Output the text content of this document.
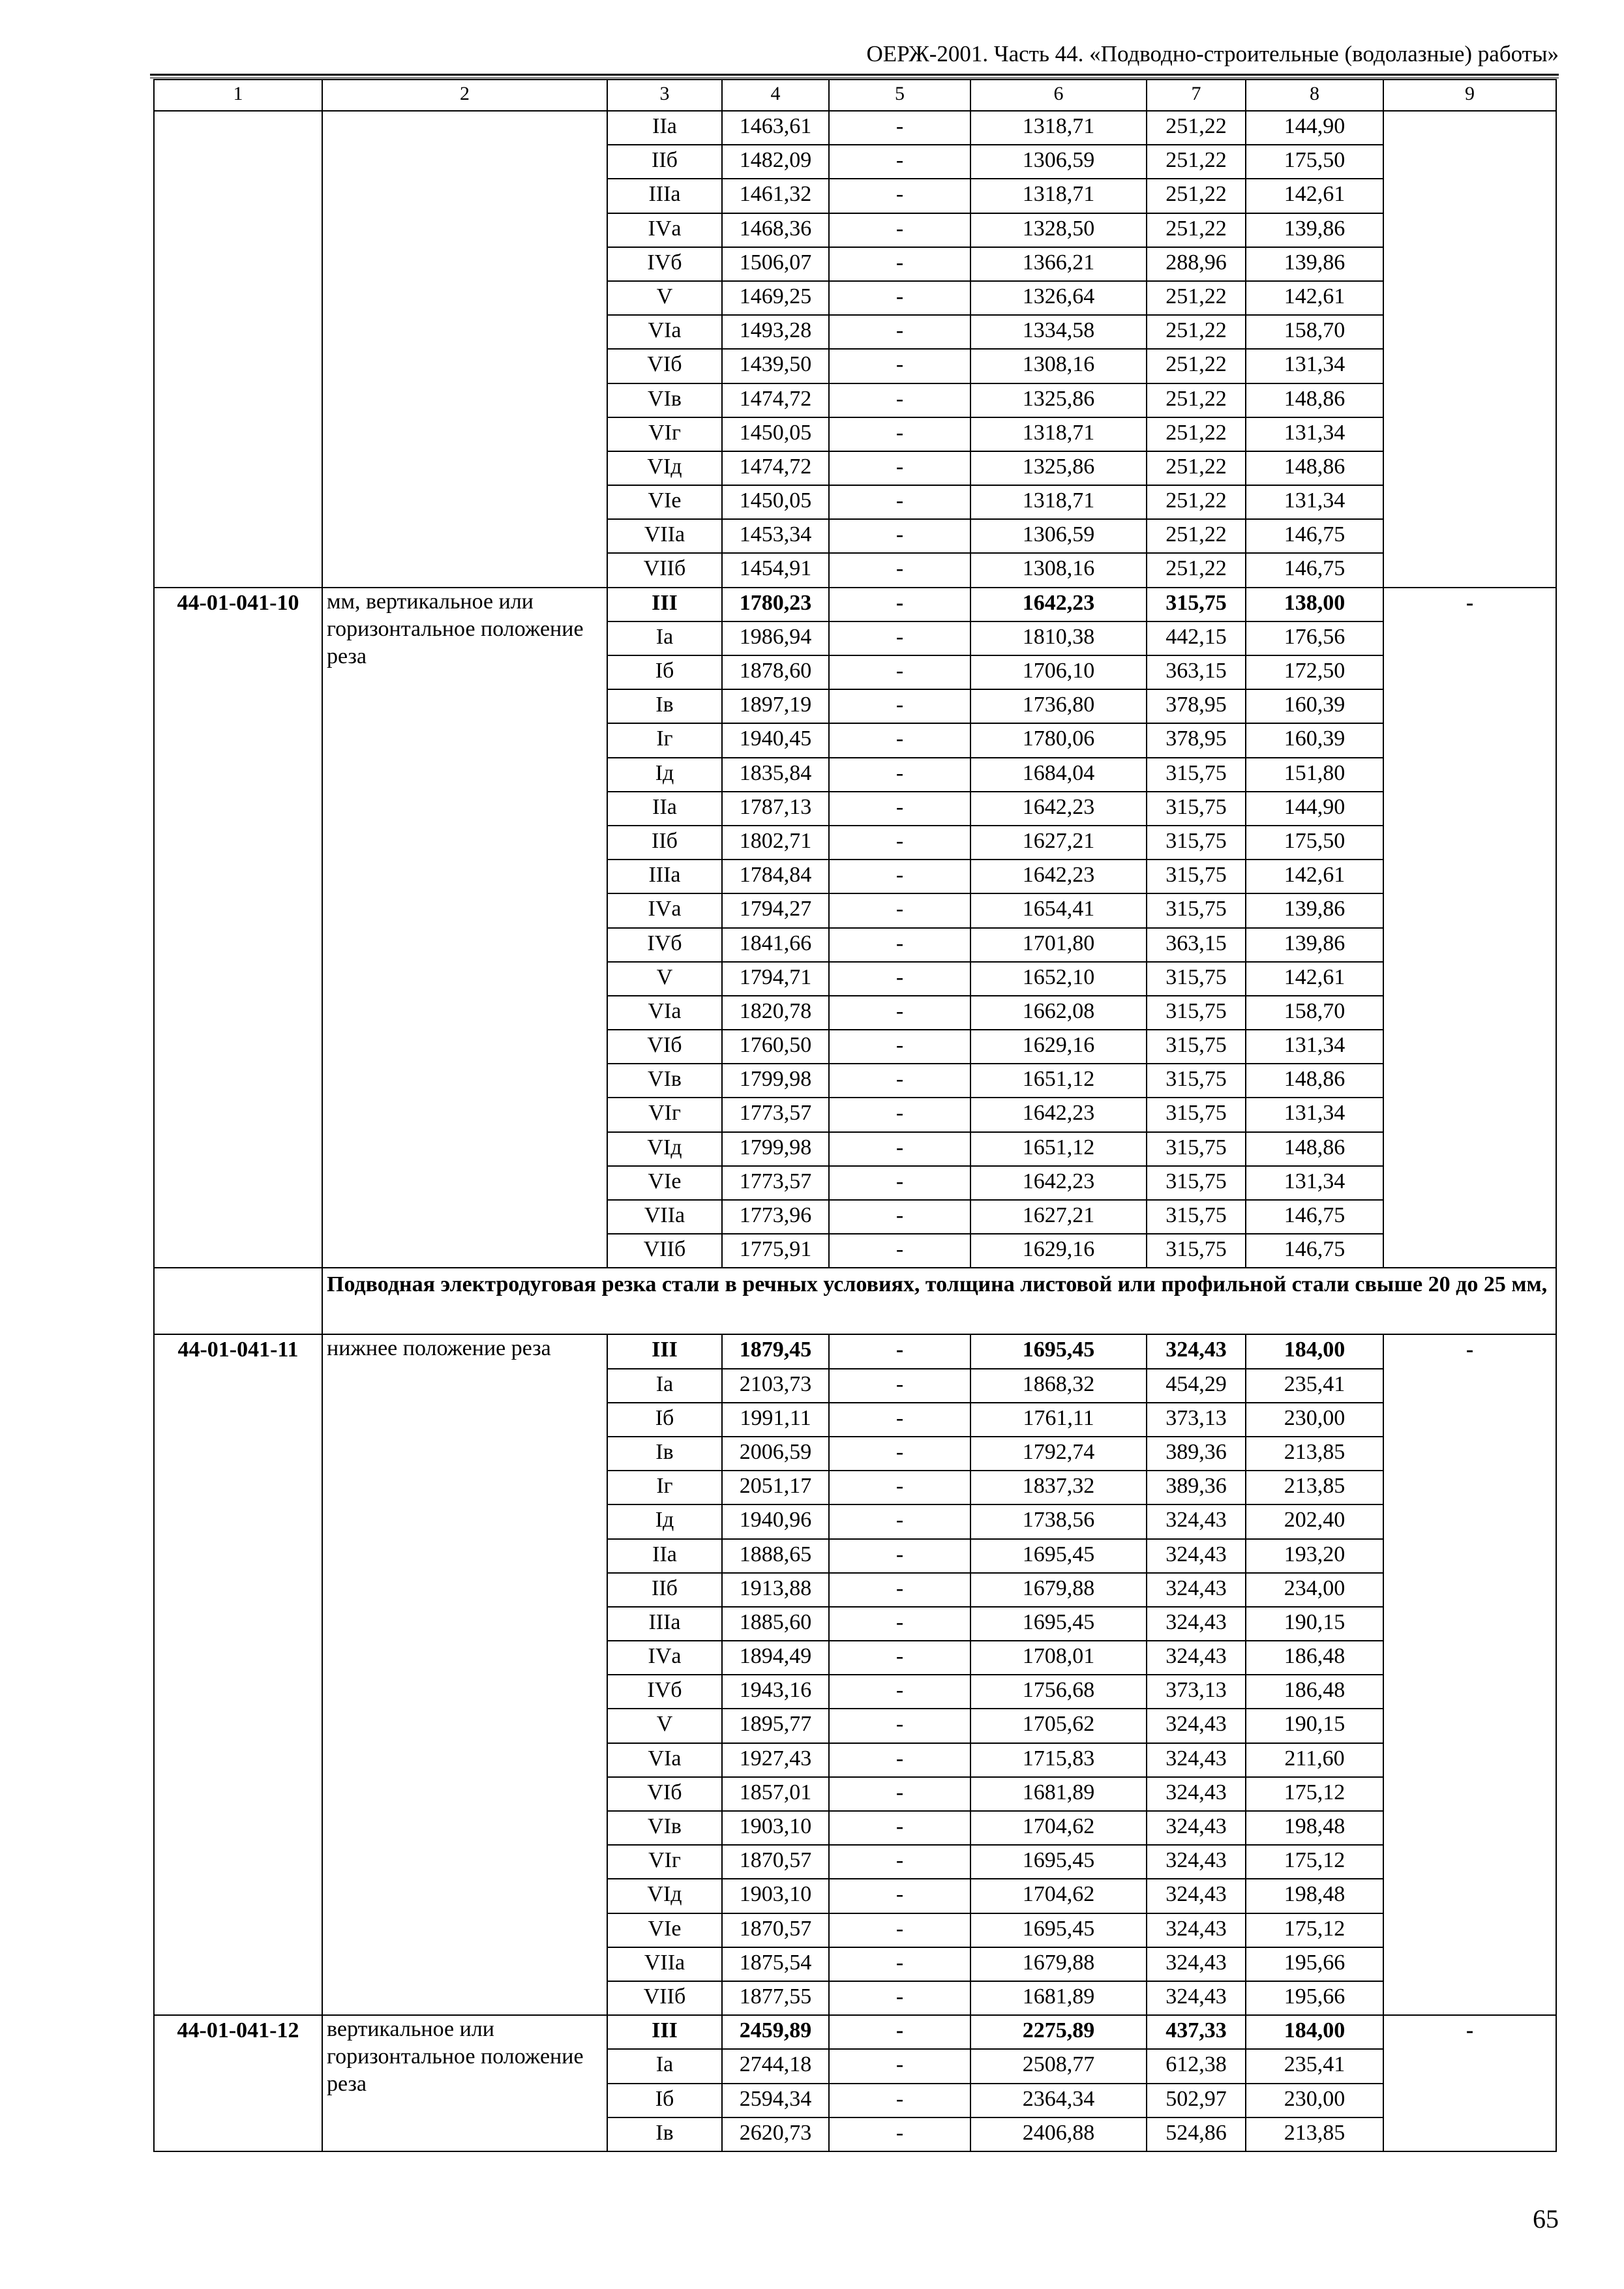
ОЕРЖ-2001. Часть 44. «Подводно-строительные (водолазные) работы»
1	2	3	4	5	6	7	8	9
		IIа	1463,61	-	1318,71	251,22	144,90	
		IIб	1482,09	-	1306,59	251,22	175,50	
		IIIа	1461,32	-	1318,71	251,22	142,61	
		IVа	1468,36	-	1328,50	251,22	139,86	
		IVб	1506,07	-	1366,21	288,96	139,86	
		V	1469,25	-	1326,64	251,22	142,61	
		VIа	1493,28	-	1334,58	251,22	158,70	
		VIб	1439,50	-	1308,16	251,22	131,34	
		VIв	1474,72	-	1325,86	251,22	148,86	
		VIг	1450,05	-	1318,71	251,22	131,34	
		VIд	1474,72	-	1325,86	251,22	148,86	
		VIе	1450,05	-	1318,71	251,22	131,34	
		VIIа	1453,34	-	1306,59	251,22	146,75	
		VIIб	1454,91	-	1308,16	251,22	146,75	
44-01-041-10	мм, вертикальное или горизонтальное положение реза	III	1780,23	-	1642,23	315,75	138,00	-
		Iа	1986,94	-	1810,38	442,15	176,56	
		Iб	1878,60	-	1706,10	363,15	172,50	
		Iв	1897,19	-	1736,80	378,95	160,39	
		Iг	1940,45	-	1780,06	378,95	160,39	
		Iд	1835,84	-	1684,04	315,75	151,80	
		IIа	1787,13	-	1642,23	315,75	144,90	
		IIб	1802,71	-	1627,21	315,75	175,50	
		IIIа	1784,84	-	1642,23	315,75	142,61	
		IVа	1794,27	-	1654,41	315,75	139,86	
		IVб	1841,66	-	1701,80	363,15	139,86	
		V	1794,71	-	1652,10	315,75	142,61	
		VIа	1820,78	-	1662,08	315,75	158,70	
		VIб	1760,50	-	1629,16	315,75	131,34	
		VIв	1799,98	-	1651,12	315,75	148,86	
		VIг	1773,57	-	1642,23	315,75	131,34	
		VIд	1799,98	-	1651,12	315,75	148,86	
		VIе	1773,57	-	1642,23	315,75	131,34	
		VIIа	1773,96	-	1627,21	315,75	146,75	
		VIIб	1775,91	-	1629,16	315,75	146,75	
	Подводная электродуговая резка стали в речных условиях, толщина листовой или профильной стали свыше 20 до 25 мм,							
44-01-041-11	нижнее положение реза	III	1879,45	-	1695,45	324,43	184,00	-
		Iа	2103,73	-	1868,32	454,29	235,41	
		Iб	1991,11	-	1761,11	373,13	230,00	
		Iв	2006,59	-	1792,74	389,36	213,85	
		Iг	2051,17	-	1837,32	389,36	213,85	
		Iд	1940,96	-	1738,56	324,43	202,40	
		IIа	1888,65	-	1695,45	324,43	193,20	
		IIб	1913,88	-	1679,88	324,43	234,00	
		IIIа	1885,60	-	1695,45	324,43	190,15	
		IVа	1894,49	-	1708,01	324,43	186,48	
		IVб	1943,16	-	1756,68	373,13	186,48	
		V	1895,77	-	1705,62	324,43	190,15	
		VIа	1927,43	-	1715,83	324,43	211,60	
		VIб	1857,01	-	1681,89	324,43	175,12	
		VIв	1903,10	-	1704,62	324,43	198,48	
		VIг	1870,57	-	1695,45	324,43	175,12	
		VIд	1903,10	-	1704,62	324,43	198,48	
		VIе	1870,57	-	1695,45	324,43	175,12	
		VIIа	1875,54	-	1679,88	324,43	195,66	
		VIIб	1877,55	-	1681,89	324,43	195,66	
44-01-041-12	вертикальное или горизонтальное положение реза	III	2459,89	-	2275,89	437,33	184,00	-
		Iа	2744,18	-	2508,77	612,38	235,41	
		Iб	2594,34	-	2364,34	502,97	230,00	
		Iв	2620,73	-	2406,88	524,86	213,85	
65
